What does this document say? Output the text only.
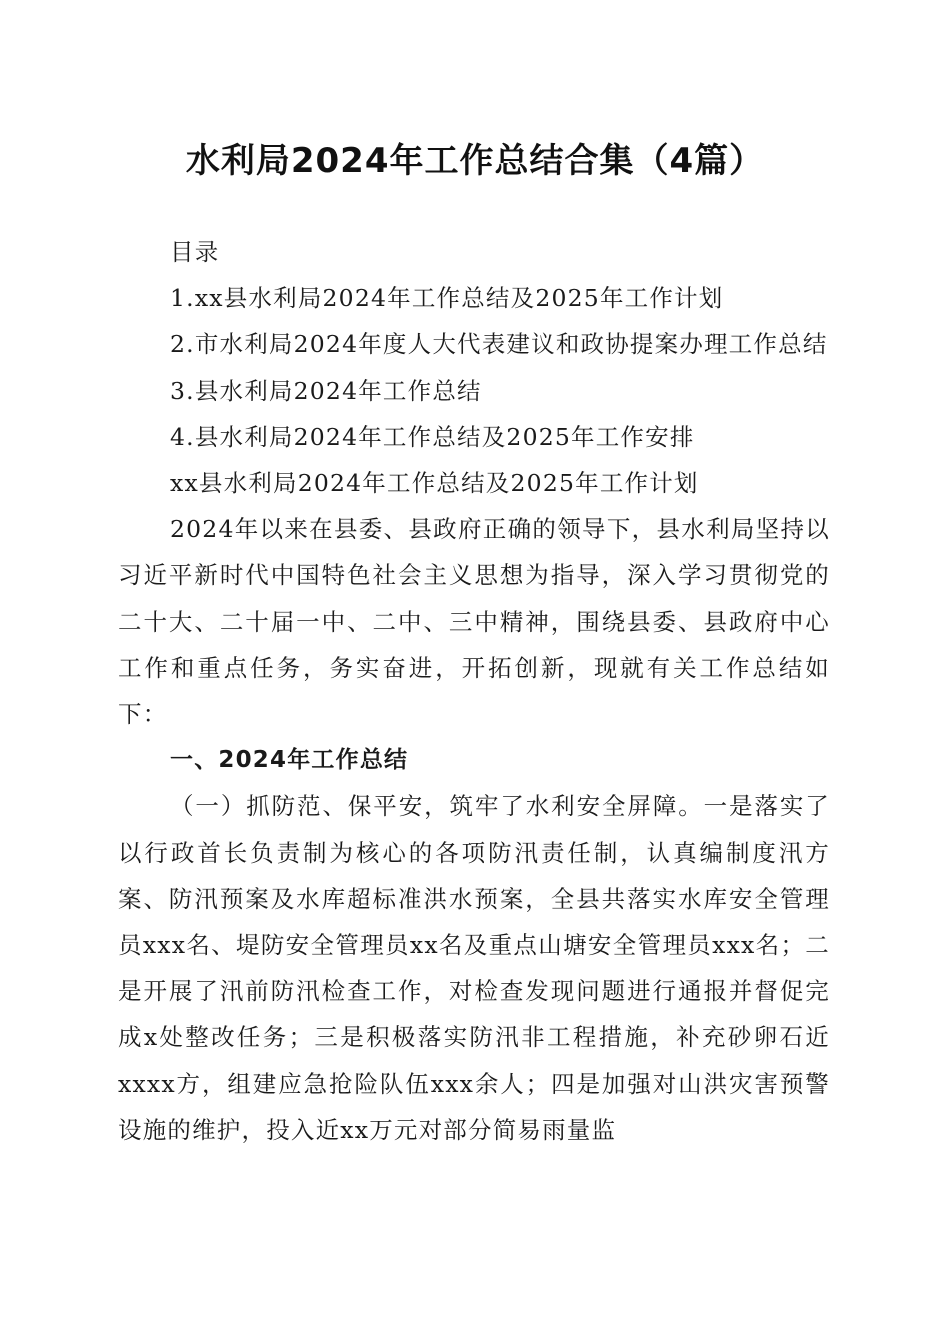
水利局2024年工作总结合集（4篇）

目录

1.xx县水利局2024年工作总结及2025年工作计划

2.市水利局2024年度人大代表建议和政协提案办理工作总结

3.县水利局2024年工作总结

4.县水利局2024年工作总结及2025年工作安排

xx县水利局2024年工作总结及2025年工作计划

2024年以来在县委、县政府正确的领导下，县水利局坚持以习近平新时代中国特色社会主义思想为指导，深入学习贯彻党的二十大、二十届一中、二中、三中精神，围绕县委、县政府中心工作和重点任务，务实奋进，开拓创新，现就有关工作总结如下：

一、2024年工作总结

（一）抓防范、保平安，筑牢了水利安全屏障。一是落实了以行政首长负责制为核心的各项防汛责任制，认真编制度汛方案、防汛预案及水库超标准洪水预案，全县共落实水库安全管理员xxx名、堤防安全管理员xx名及重点山塘安全管理员xxx名；二是开展了汛前防汛检查工作，对检查发现问题进行通报并督促完成x处整改任务；三是积极落实防汛非工程措施，补充砂卵石近xxxx方，组建应急抢险队伍xxx余人；四是加强对山洪灾害预警设施的维护，投入近xx万元对部分简易雨量监
